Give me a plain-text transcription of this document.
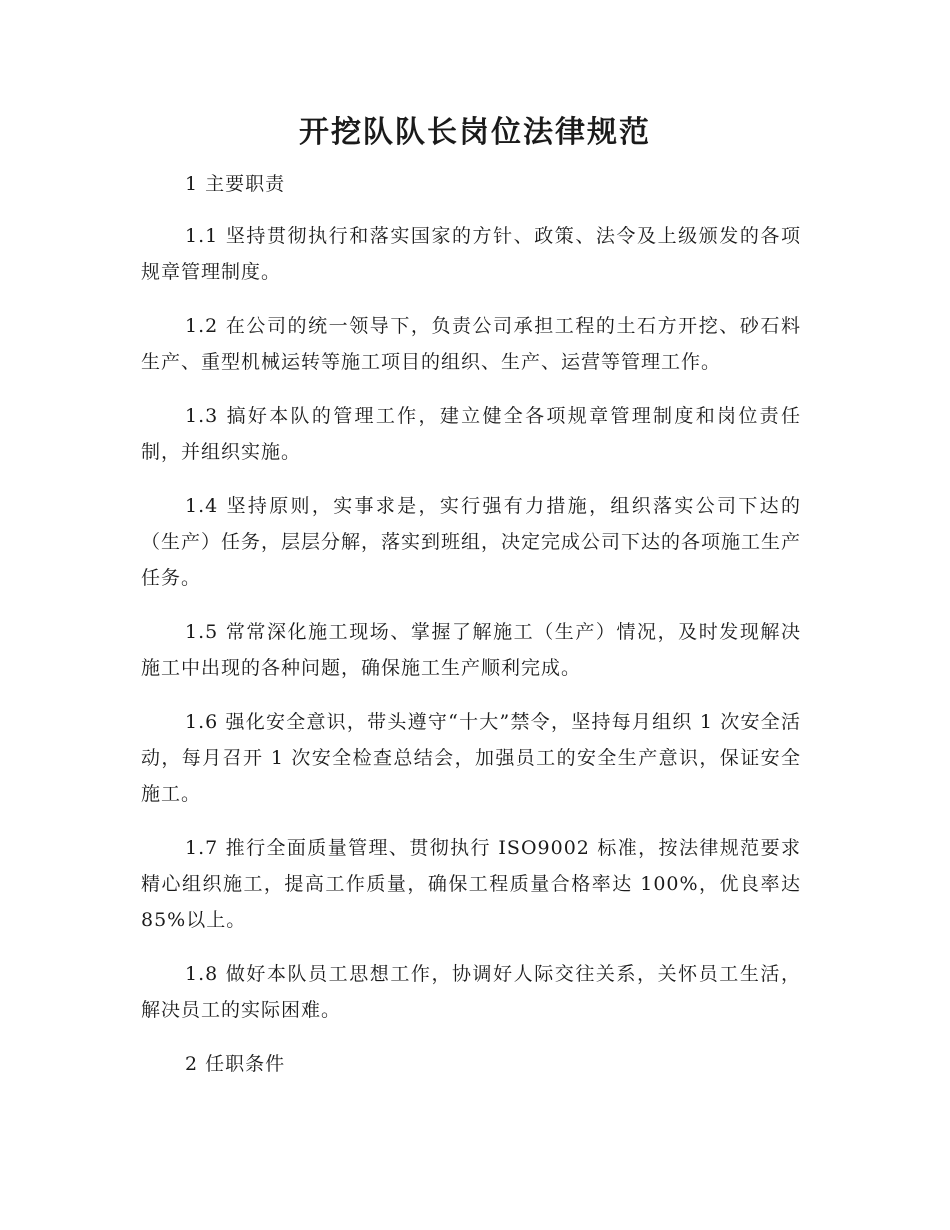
开挖队队长岗位法律规范

1 主要职责

1.1 坚持贯彻执行和落实国家的方针、政策、法令及上级颁发的各项规章管理制度。

1.2 在公司的统一领导下，负责公司承担工程的土石方开挖、砂石料生产、重型机械运转等施工项目的组织、生产、运营等管理工作。

1.3 搞好本队的管理工作，建立健全各项规章管理制度和岗位责任制，并组织实施。

1.4 坚持原则，实事求是，实行强有力措施，组织落实公司下达的（生产）任务，层层分解，落实到班组，决定完成公司下达的各项施工生产任务。

1.5 常常深化施工现场、掌握了解施工（生产）情况，及时发现解决施工中出现的各种问题，确保施工生产顺利完成。

1.6 强化安全意识，带头遵守“十大”禁令，坚持每月组织 1 次安全活动，每月召开 1 次安全检查总结会，加强员工的安全生产意识，保证安全施工。

1.7 推行全面质量管理、贯彻执行 ISO9002 标准，按法律规范要求精心组织施工，提高工作质量，确保工程质量合格率达 100%，优良率达 85%以上。

1.8 做好本队员工思想工作，协调好人际交往关系，关怀员工生活，解决员工的实际困难。

2 任职条件
